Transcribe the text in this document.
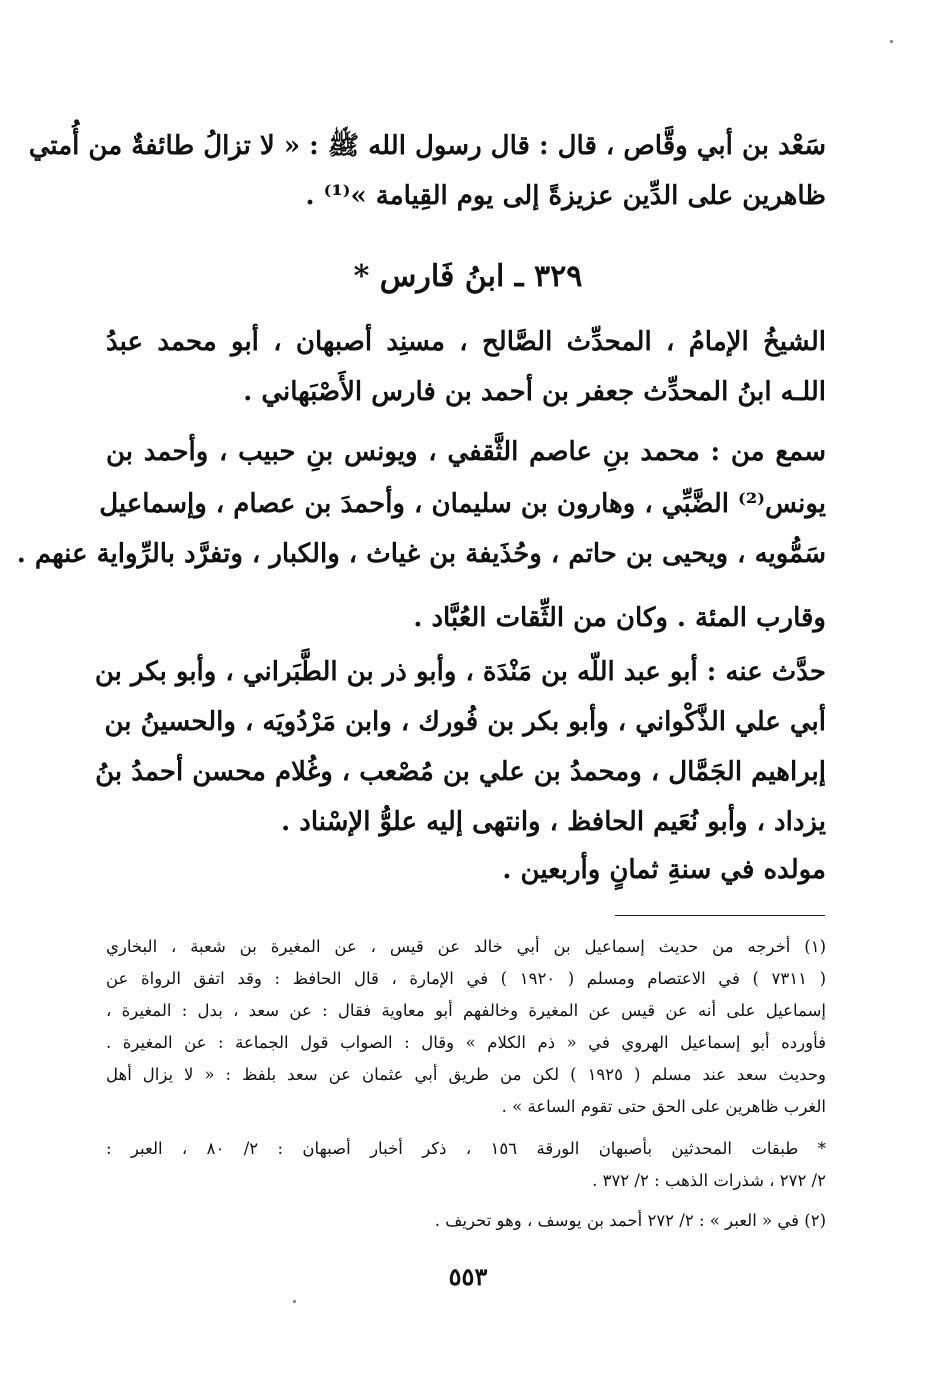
سَعْد بن أبي وقَّاص ، قال : قال رسول الله ﷺ : « لا تزالُ طائفةٌ من أُمتي
ظاهرين على الدِّين عزيزةً إلى يوم القِيامة »⁽¹⁾ .
٣٢٩ ـ ابنُ فَارس *
الشيخُ الإمامُ ، المحدِّث الصَّالح ، مسنِد أصبهان ، أبو محمد عبدُ
اللـه ابنُ المحدِّث جعفر بن أحمد بن فارس الأَصْبَهاني .
سمع من : محمد بنِ عاصم الثَّقفي ، ويونس بنِ حبيب ، وأحمد بن
يونس⁽²⁾ الضَّبِّي ، وهارون بن سليمان ، وأحمدَ بن عصام ، وإسماعيل
سَمُّويه ، ويحيى بن حاتم ، وحُذَيفة بن غياث ، والكبار ، وتفرَّد بالرِّواية عنهم .
وقارب المئة . وكان من الثِّقات العُبَّاد .
حدَّث عنه : أبو عبد اللّه بن مَنْدَة ، وأبو ذر بن الطَّبَراني ، وأبو بكر بن
أبي علي الذَّكْواني ، وأبو بكر بن فُورك ، وابن مَرْدُويَه ، والحسينُ بن
إبراهيم الجَمَّال ، ومحمدُ بن علي بن مُصْعب ، وغُلام محسن أحمدُ بنُ
يزداد ، وأبو نُعَيم الحافظ ، وانتهى إليه علوُّ الإسْناد .
مولده في سنةِ ثمانٍ وأربعين .
(١) أخرجه من حديث إسماعيل بن أبي خالد عن قيس ، عن المغيرة بن شعبة ، البخاري
( ٧٣١١ ) في الاعتصام ومسلم ( ١٩٢٠ ) في الإمارة ، قال الحافظ : وقد اتفق الرواة عن
إسماعيل على أنه عن قيس عن المغيرة وخالفهم أبو معاوية فقال : عن سعد ، بدل : المغيرة ،
فأورده أبو إسماعيل الهروي في « ذم الكلام » وقال : الصواب قول الجماعة : عن المغيرة .
وحديث سعد عند مسلم ( ١٩٢٥ ) لكن من طريق أبي عثمان عن سعد بلفظ : « لا يزال أهل
الغرب ظاهرين على الحق حتى تقوم الساعة » .
* طبقات المحدثين بأصبهان الورقة ١٥٦ ، ذكر أخبار أصبهان : ٢/ ٨٠ ، العبر :
٢/ ٢٧٢ ، شذرات الذهب : ٢/ ٣٧٢ .
(٢) في « العبر » : ٢/ ٢٧٢ أحمد بن يوسف ، وهو تحريف .
٥٥٣
